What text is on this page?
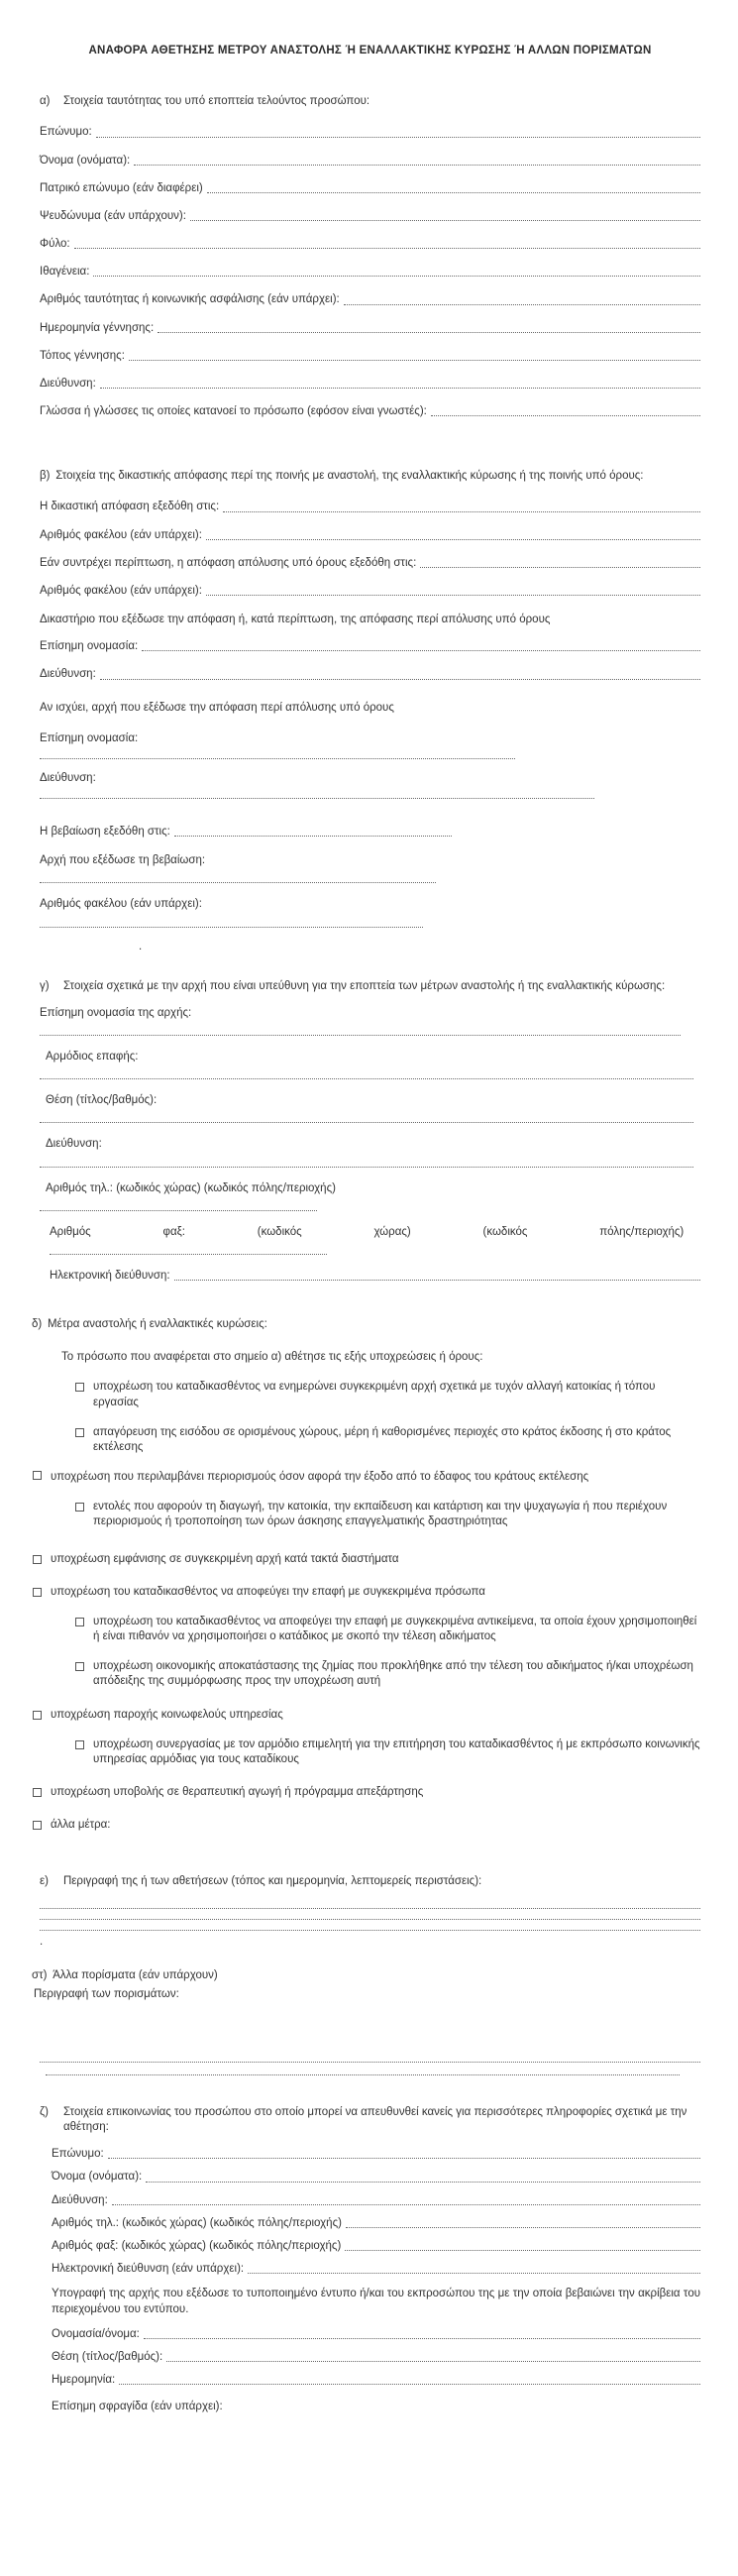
ΑΝΑΦΟΡΑ ΑΘΕΤΗΣΗΣ ΜΕΤΡΟΥ ΑΝΑΣΤΟΛΗΣ Ή ΕΝΑΛΛΑΚΤΙΚΗΣ ΚΥΡΩΣΗΣ Ή ΑΛΛΩΝ ΠΟΡΙΣΜΑΤΩΝ
α)	Στοιχεία ταυτότητας του υπό εποπτεία τελούντος προσώπου:
Επώνυμο:
Όνομα (ονόματα):
Πατρικό επώνυμο (εάν διαφέρει)
Ψευδώνυμα (εάν υπάρχουν):
Φύλο:
Ιθαγένεια:
Αριθμός ταυτότητας ή κοινωνικής ασφάλισης (εάν υπάρχει):
Ημερομηνία γέννησης:
Τόπος γέννησης:
Διεύθυνση:
Γλώσσα ή γλώσσες τις οποίες κατανοεί το πρόσωπο (εφόσον είναι γνωστές):
β) Στοιχεία της δικαστικής απόφασης περί της ποινής με αναστολή, της εναλλακτικής κύρωσης ή της ποινής υπό όρους:
Η δικαστική απόφαση εξεδόθη στις:
Αριθμός φακέλου (εάν υπάρχει):
Εάν συντρέχει περίπτωση, η απόφαση απόλυσης υπό όρους εξεδόθη στις:
Αριθμός φακέλου (εάν υπάρχει):
Δικαστήριο που εξέδωσε την απόφαση ή, κατά περίπτωση, της απόφασης περί απόλυσης υπό όρους
Επίσημη ονομασία:
Διεύθυνση:
Αν ισχύει, αρχή που εξέδωσε την απόφαση περί απόλυσης υπό όρους
Επίσημη ονομασία:
Διεύθυνση:
Η βεβαίωση εξεδόθη στις:
Αρχή που εξέδωσε τη βεβαίωση:
Αριθμός φακέλου (εάν υπάρχει):
.
γ)	Στοιχεία σχετικά με την αρχή που είναι υπεύθυνη για την εποπτεία των μέτρων αναστολής ή της εναλλακτικής κύρωσης:
Επίσημη ονομασία της αρχής:
Αρμόδιος επαφής:
Θέση (τίτλος/βαθμός):
Διεύθυνση:
Αριθμός τηλ.: (κωδικός χώρας) (κωδικός πόλης/περιοχής)
Αριθμός	φαξ:	(κωδικός	χώρας)	(κωδικός	πόλης/περιοχής)
Ηλεκτρονική διεύθυνση:
δ) Μέτρα αναστολής ή εναλλακτικές κυρώσεις:
Το πρόσωπο που αναφέρεται στο σημείο α) αθέτησε τις εξής υποχρεώσεις ή όρους:
υποχρέωση του καταδικασθέντος να ενημερώνει συγκεκριμένη αρχή σχετικά με τυχόν αλλαγή κατοικίας ή τόπου εργασίας
απαγόρευση της εισόδου σε ορισμένους χώρους, μέρη ή καθορισμένες περιοχές στο κράτος έκδοσης ή στο κράτος εκτέλεσης
υποχρέωση που περιλαμβάνει περιορισμούς όσον αφορά την έξοδο από το έδαφος του κράτους εκτέλεσης
εντολές που αφορούν τη διαγωγή, την κατοικία, την εκπαίδευση και κατάρτιση και την ψυχαγωγία ή που περιέχουν περιορισμούς ή τροποποίηση των όρων άσκησης επαγγελματικής δραστηριότητας
υποχρέωση εμφάνισης σε συγκεκριμένη αρχή κατά τακτά διαστήματα
υποχρέωση του καταδικασθέντος να αποφεύγει την επαφή με συγκεκριμένα πρόσωπα
υποχρέωση του καταδικασθέντος να αποφεύγει την επαφή με συγκεκριμένα αντικείμενα, τα οποία έχουν χρησιμοποιηθεί ή είναι πιθανόν να χρησιμοποιήσει ο κατάδικος με σκοπό την τέλεση αδικήματος
υποχρέωση οικονομικής αποκατάστασης της ζημίας που προκλήθηκε από την τέλεση του αδικήματος ή/και υποχρέωση απόδειξης της συμμόρφωσης προς την υποχρέωση αυτή
υποχρέωση παροχής κοινωφελούς υπηρεσίας
υποχρέωση συνεργασίας με τον αρμόδιο επιμελητή για την επιτήρηση του καταδικασθέντος ή με εκπρόσωπο κοινωνικής υπηρεσίας αρμόδιας για τους καταδίκους
υποχρέωση υποβολής σε θεραπευτική αγωγή ή πρόγραμμα απεξάρτησης
άλλα μέτρα:
ε)	Περιγραφή της ή των αθετήσεων (τόπος και ημερομηνία, λεπτομερείς περιστάσεις):
.
στ) Άλλα πορίσματα (εάν υπάρχουν)
Περιγραφή των πορισμάτων:
ζ)	Στοιχεία επικοινωνίας του προσώπου στο οποίο μπορεί να απευθυνθεί κανείς για περισσότερες πληροφορίες σχετικά με την αθέτηση:
Επώνυμο:
Όνομα (ονόματα):
Διεύθυνση:
Αριθμός τηλ.: (κωδικός χώρας) (κωδικός πόλης/περιοχής)
Αριθμός φαξ: (κωδικός χώρας) (κωδικός πόλης/περιοχής)
Ηλεκτρονική διεύθυνση (εάν υπάρχει):
Υπογραφή της αρχής που εξέδωσε το τυποποιημένο έντυπο ή/και του εκπροσώπου της με την οποία βεβαιώνει την ακρίβεια του περιεχομένου του εντύπου.
Ονομασία/όνομα:
Θέση (τίτλος/βαθμός):
Ημερομηνία:
Επίσημη σφραγίδα (εάν υπάρχει):
